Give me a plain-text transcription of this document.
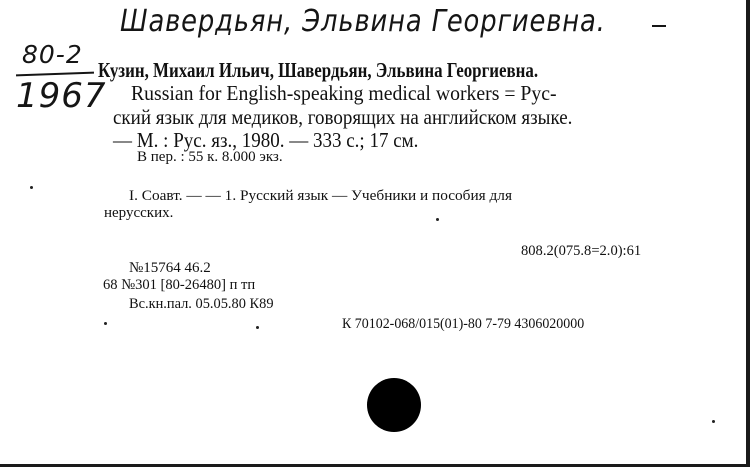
Шавердьян, Эльвина Георгиевна.
80-2
1967
Кузин, Михаил Ильич, Шавердьян, Эльвина Георгиевна.
Russian for English-speaking medical workers = Рус-
ский язык для медиков, говорящих на английском языке.
— М. : Рус. яз., 1980. — 333 с.; 17 см.
В пер. : 55 к. 8.000 экз.
I. Соавт. — — 1. Русский язык — Учебники и пособия для
нерусских.
808.2(075.8=2.0):61
№15764 46.2
68 №301 [80-26480] п тп
Вс.кн.пал. 05.05.80 К89
К 70102-068/015(01)-80 7-79 4306020000
